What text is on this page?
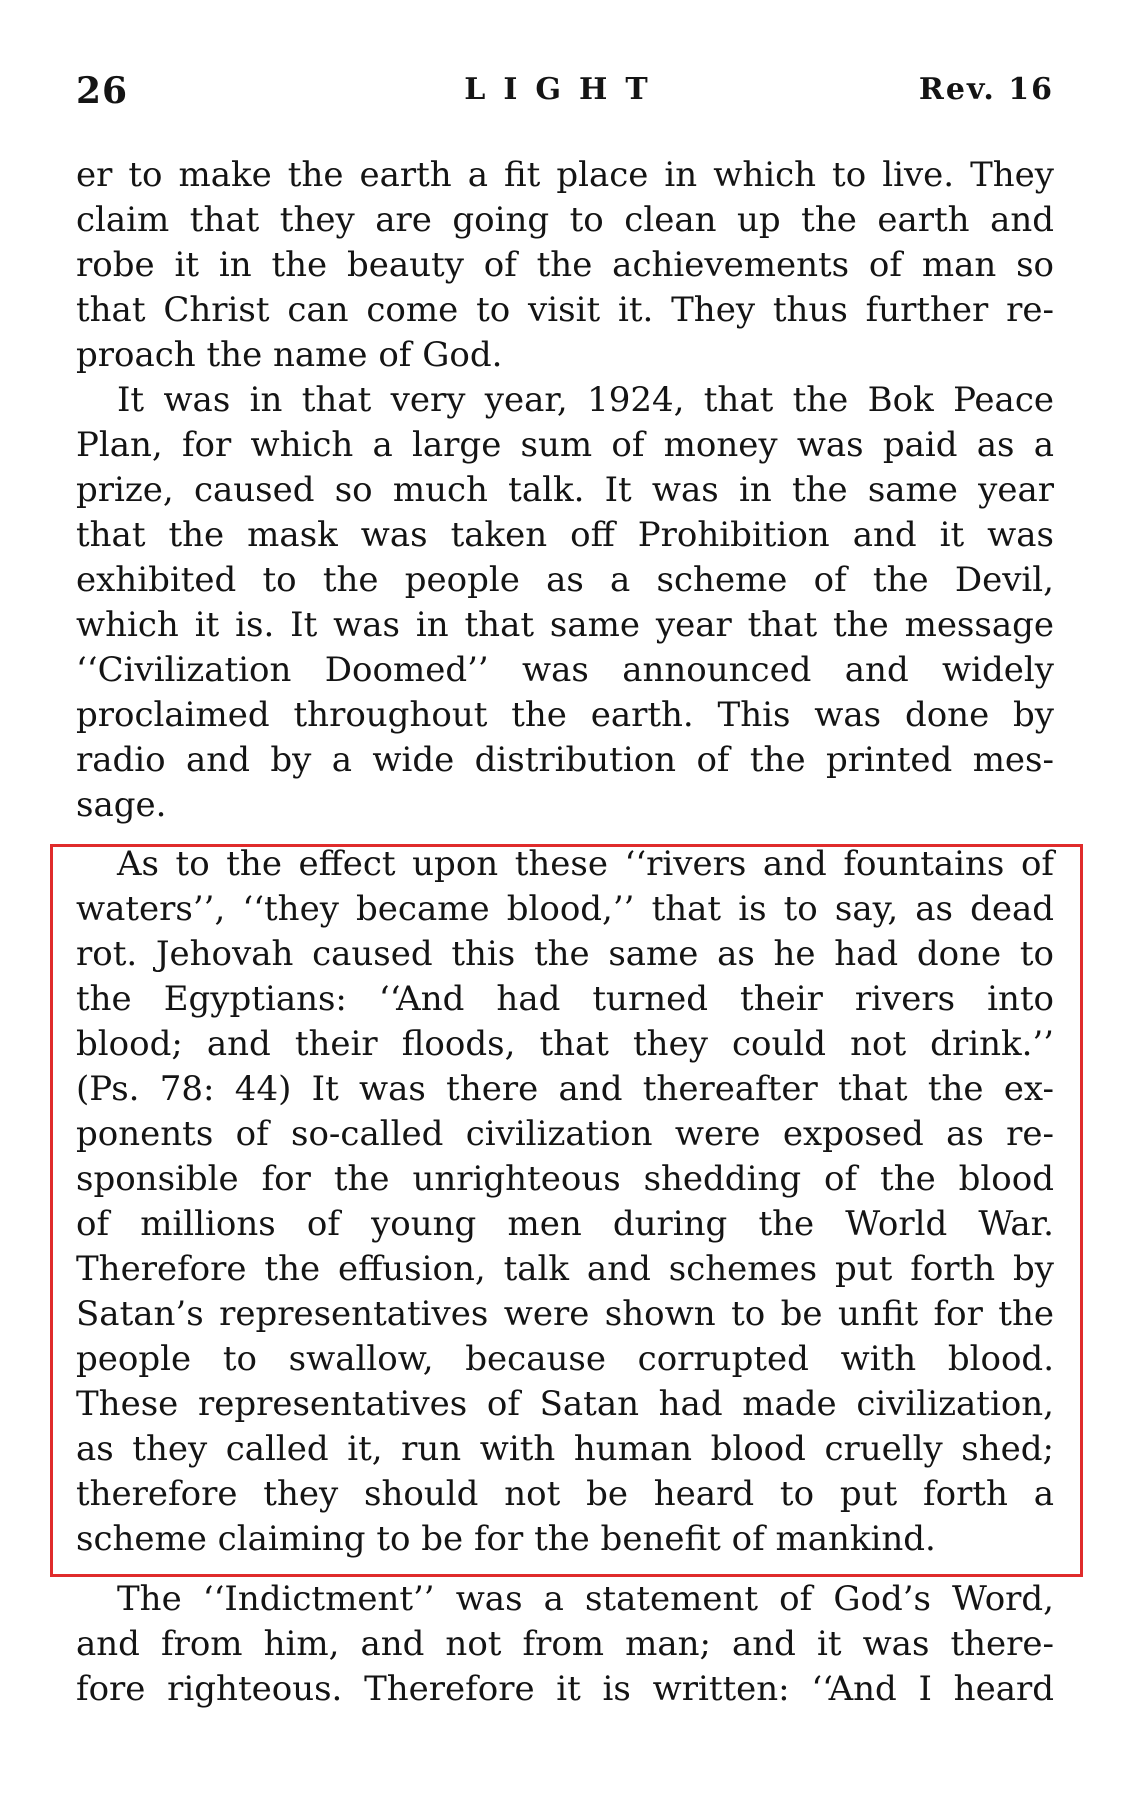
26	LIGHT	Rev. 16
er to make the earth a fit place in which to live. They
claim that they are going to clean up the earth and
robe it in the beauty of the achievements of man so
that Christ can come to visit it. They thus further re-
proach the name of God.
It was in that very year, 1924, that the Bok Peace
Plan, for which a large sum of money was paid as a
prize, caused so much talk. It was in the same year
that the mask was taken off Prohibition and it was
exhibited to the people as a scheme of the Devil,
which it is. It was in that same year that the message
‘‘Civilization Doomed’’ was announced and widely
proclaimed throughout the earth. This was done by
radio and by a wide distribution of the printed mes-
sage.
As to the effect upon these ‘‘rivers and fountains of
waters’’, ‘‘they became blood,’’ that is to say, as dead
rot. Jehovah caused this the same as he had done to
the Egyptians: ‘‘And had turned their rivers into
blood; and their floods, that they could not drink.’’
(Ps. 78: 44) It was there and thereafter that the ex-
ponents of so-called civilization were exposed as re-
sponsible for the unrighteous shedding of the blood
of millions of young men during the World War.
Therefore the effusion, talk and schemes put forth by
Satan’s representatives were shown to be unfit for the
people to swallow, because corrupted with blood.
These representatives of Satan had made civilization,
as they called it, run with human blood cruelly shed;
therefore they should not be heard to put forth a
scheme claiming to be for the benefit of mankind.
The ‘‘Indictment’’ was a statement of God’s Word,
and from him, and not from man; and it was there-
fore righteous. Therefore it is written: ‘‘And I heard
